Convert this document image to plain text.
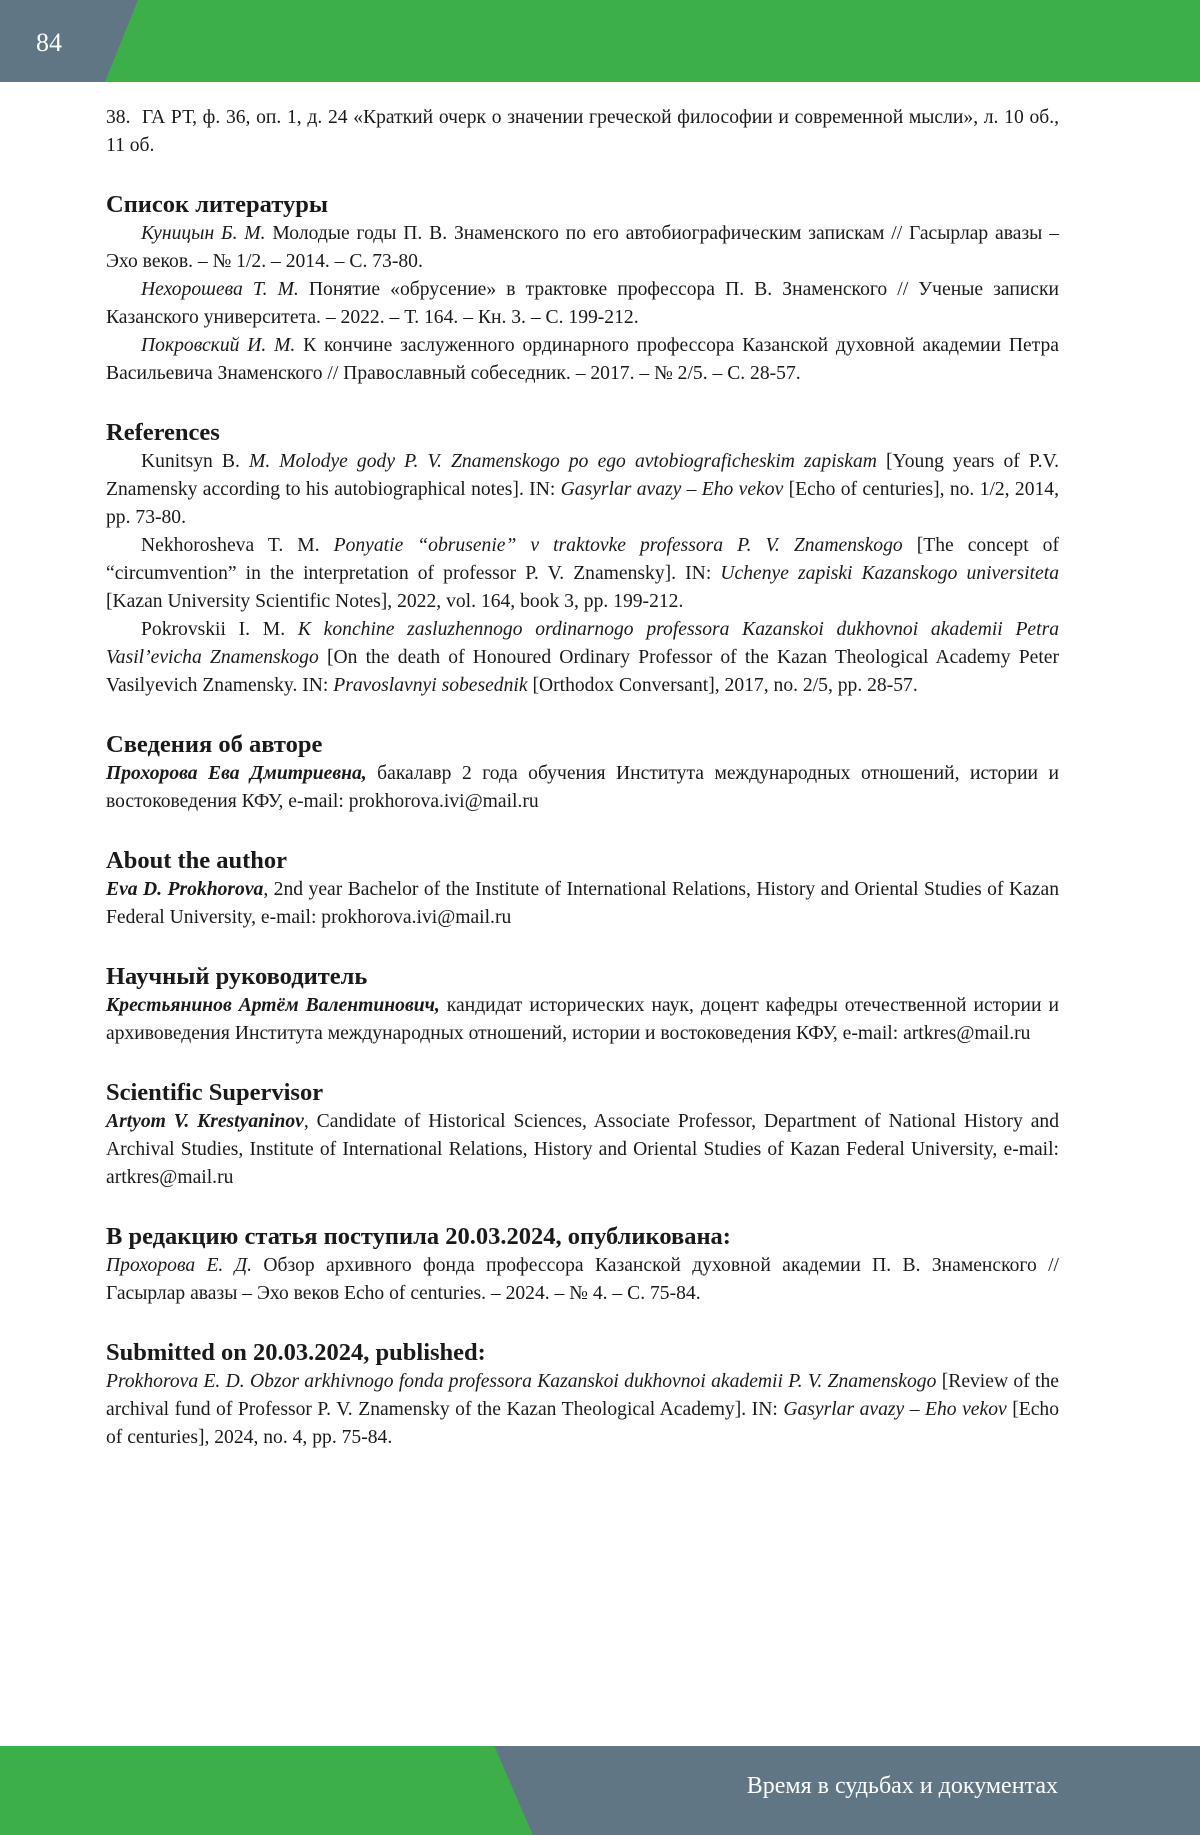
84

38. ГА РТ, ф. 36, оп. 1, д. 24 «Краткий очерк о значении греческой философии и современной мысли», л. 10 об., 11 об.

Список литературы

Куницын Б. М. Молодые годы П. В. Знаменского по его автобиографическим запискам // Гасырлар авазы – Эхо веков. – № 1/2. – 2014. – С. 73-80.

Нехорошева Т. М. Понятие «обрусение» в трактовке профессора П. В. Знаменского // Ученые записки Казанского университета. – 2022. – Т. 164. – Кн. 3. – С. 199-212.

Покровский И. М. К кончине заслуженного ординарного профессора Казанской духовной академии Петра Васильевича Знаменского // Православный собеседник. – 2017. – № 2/5. – С. 28-57.

References

Kunitsyn B. M. Molodye gody P. V. Znamenskogo po ego avtobiograficheskim zapiskam [Young years of P.V. Znamensky according to his autobiographical notes]. IN: Gasyrlar avazy – Eho vekov [Echo of centuries], no. 1/2, 2014, pp. 73-80.

Nekhorosheva T. M. Ponyatie “obrusenie” v traktovke professora P. V. Znamenskogo [The concept of “circumvention” in the interpretation of professor P. V. Znamensky]. IN: Uchenye zapiski Kazanskogo universiteta [Kazan University Scientific Notes], 2022, vol. 164, book 3, pp. 199-212.

Pokrovskii I. M. K konchine zasluzhennogo ordinarnogo professora Kazanskoi dukhovnoi akademii Petra Vasil’evicha Znamenskogo [On the death of Honoured Ordinary Professor of the Kazan Theological Academy Peter Vasilyevich Znamensky. IN: Pravoslavnyi sobesednik [Orthodox Conversant], 2017, no. 2/5, pp. 28-57.

Сведения об авторе

Прохорова Ева Дмитриевна, бакалавр 2 года обучения Института международных отношений, истории и востоковедения КФУ, e-mail: prokhorova.ivi@mail.ru

About the author

Eva D. Prokhorova, 2nd year Bachelor of the Institute of International Relations, History and Oriental Studies of Kazan Federal University, e-mail: prokhorova.ivi@mail.ru

Научный руководитель

Крестьянинов Артём Валентинович, кандидат исторических наук, доцент кафедры отечественной истории и архивоведения Института международных отношений, истории и востоковедения КФУ, e-mail: artkres@mail.ru

Scientific Supervisor

Artyom V. Krestyaninov, Candidate of Historical Sciences, Associate Professor, Department of National History and Archival Studies, Institute of International Relations, History and Oriental Studies of Kazan Federal University, e-mail: artkres@mail.ru

В редакцию статья поступила 20.03.2024, опубликована:

Прохорова Е. Д. Обзор архивного фонда профессора Казанской духовной академии П. В. Знаменского // Гасырлар авазы – Эхо веков Echo of centuries. – 2024. – № 4. – С. 75-84.

Submitted on 20.03.2024, published:

Prokhorova E. D. Obzor arkhivnogo fonda professora Kazanskoi dukhovnoi akademii P. V. Znamenskogo [Review of the archival fund of Professor P. V. Znamensky of the Kazan Theological Academy]. IN: Gasyrlar avazy – Eho vekov [Echo of centuries], 2024, no. 4, pp. 75-84.

Время в судьбах и документах
